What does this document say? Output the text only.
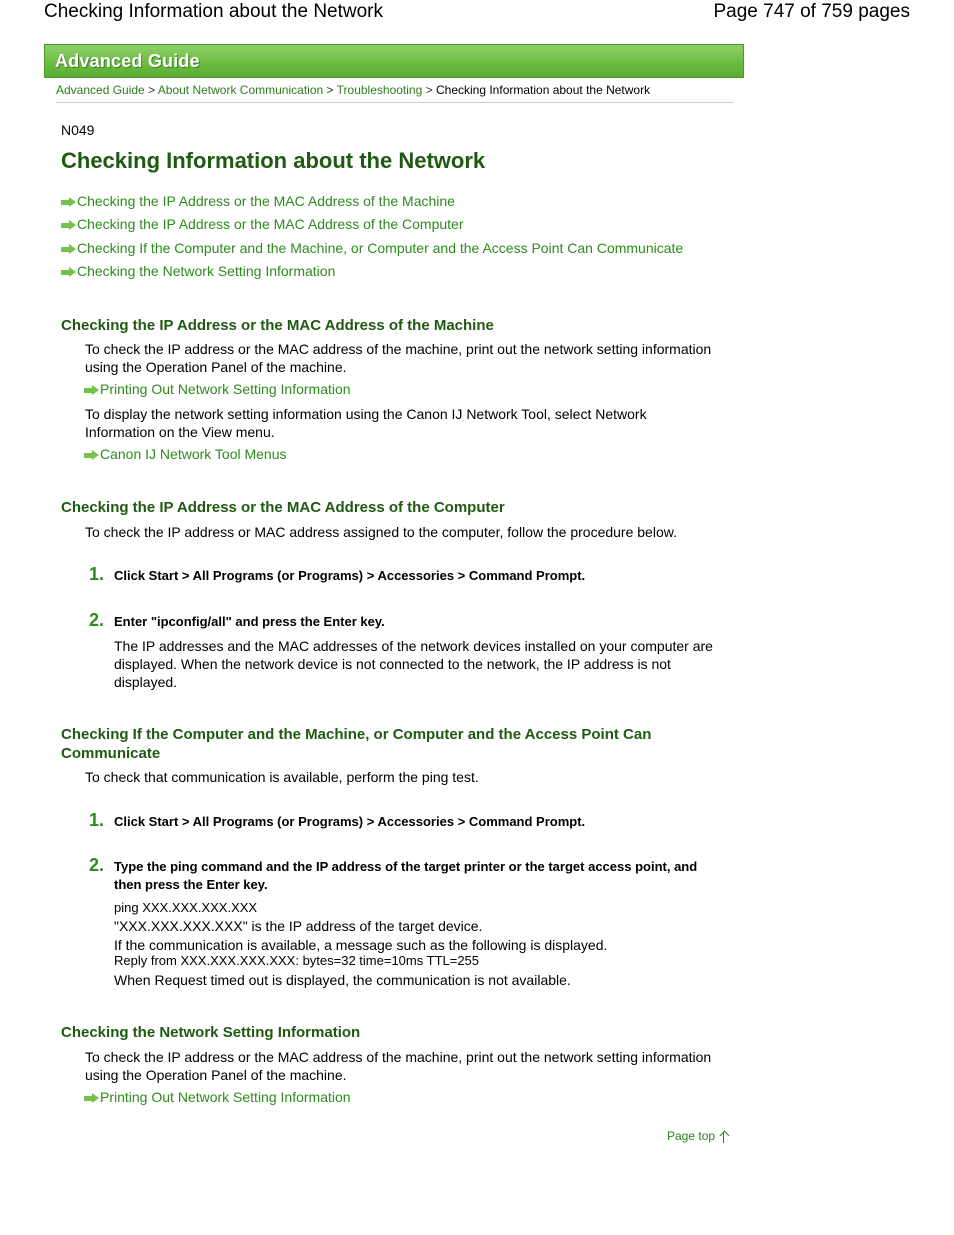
Checking Information about the Network	Page 747 of 759 pages
Advanced Guide
Advanced Guide > About Network Communication > Troubleshooting > Checking Information about the Network
N049
Checking Information about the Network
Checking the IP Address or the MAC Address of the Machine
Checking the IP Address or the MAC Address of the Computer
Checking If the Computer and the Machine, or Computer and the Access Point Can Communicate
Checking the Network Setting Information
Checking the IP Address or the MAC Address of the Machine
To check the IP address or the MAC address of the machine, print out the network setting information using the Operation Panel of the machine.
Printing Out Network Setting Information
To display the network setting information using the Canon IJ Network Tool, select Network Information on the View menu.
Canon IJ Network Tool Menus
Checking the IP Address or the MAC Address of the Computer
To check the IP address or MAC address assigned to the computer, follow the procedure below.
1. Click Start > All Programs (or Programs) > Accessories > Command Prompt.
2. Enter "ipconfig/all" and press the Enter key.
The IP addresses and the MAC addresses of the network devices installed on your computer are displayed. When the network device is not connected to the network, the IP address is not displayed.
Checking If the Computer and the Machine, or Computer and the Access Point Can Communicate
To check that communication is available, perform the ping test.
1. Click Start > All Programs (or Programs) > Accessories > Command Prompt.
2. Type the ping command and the IP address of the target printer or the target access point, and then press the Enter key.
ping XXX.XXX.XXX.XXX
"XXX.XXX.XXX.XXX" is the IP address of the target device.
If the communication is available, a message such as the following is displayed.
Reply from XXX.XXX.XXX.XXX: bytes=32 time=10ms TTL=255
When Request timed out is displayed, the communication is not available.
Checking the Network Setting Information
To check the IP address or the MAC address of the machine, print out the network setting information using the Operation Panel of the machine.
Printing Out Network Setting Information
Page top
